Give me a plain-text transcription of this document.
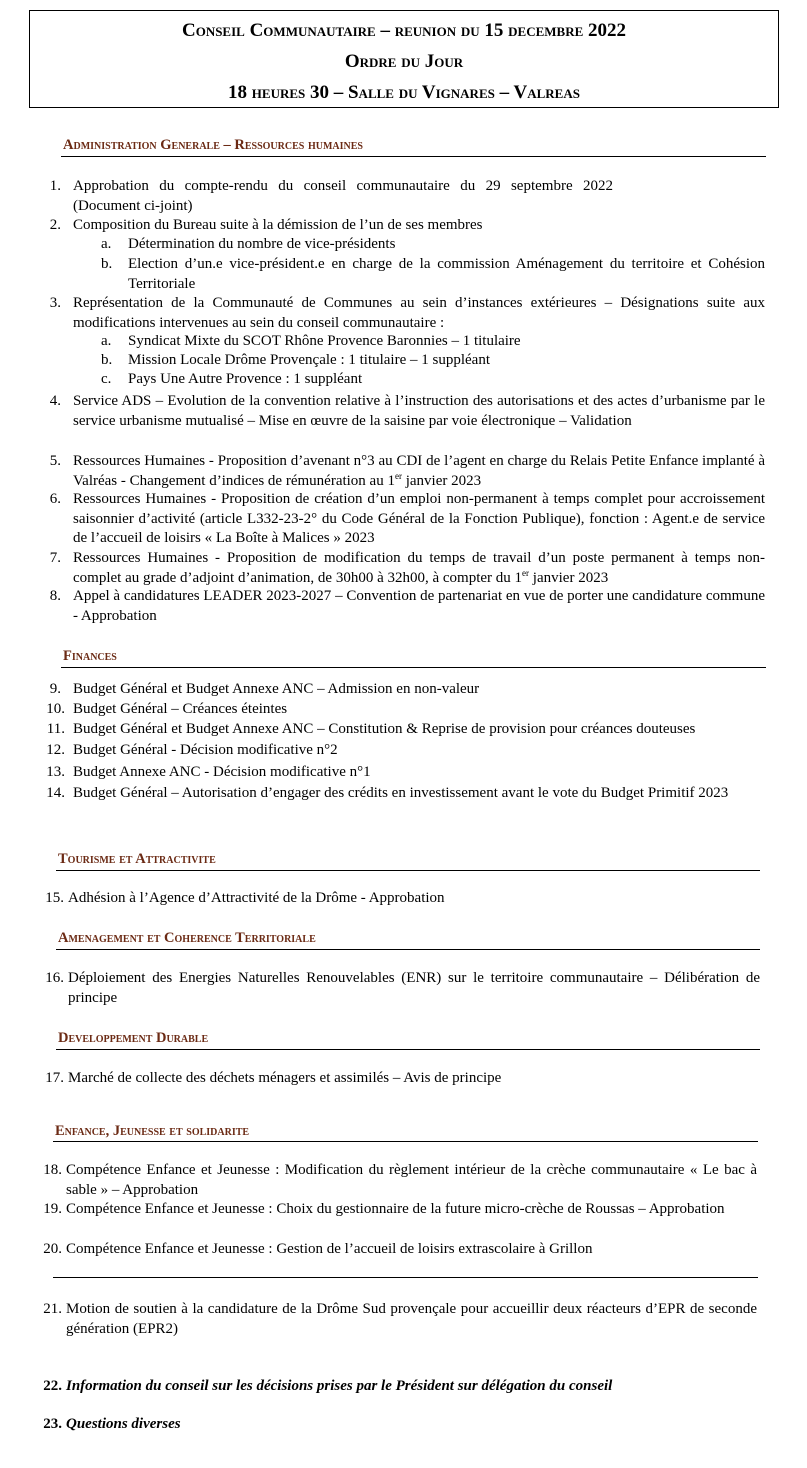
Conseil Communautaire – reunion du 15 decembre 2022
Ordre du Jour
18 heures 30 – Salle du Vignares – Valreas
Administration Generale – Ressources humaines
1. Approbation du compte-rendu du conseil communautaire du 29 septembre 2022 (Document ci-joint)
2. Composition du Bureau suite à la démission de l’un de ses membres
a.	Détermination du nombre de vice-présidents
b.	Election d’un.e vice-président.e en charge de la commission Aménagement du territoire et Cohésion Territoriale
3. Représentation de la Communauté de Communes au sein d’instances extérieures – Désignations suite aux modifications intervenues au sein du conseil communautaire :
a.	Syndicat Mixte du SCOT Rhône Provence Baronnies – 1 titulaire
b.	Mission Locale Drôme Provençale : 1 titulaire – 1 suppléant
c.	Pays Une Autre Provence : 1 suppléant
4. Service ADS – Evolution de la convention relative à l’instruction des autorisations et des actes d’urbanisme par le service urbanisme mutualisé – Mise en œuvre de la saisine par voie électronique – Validation
5. Ressources Humaines - Proposition d’avenant n°3 au CDI de l’agent en charge du Relais Petite Enfance implanté à Valréas - Changement d’indices de rémunération au 1er janvier 2023
6. Ressources Humaines - Proposition de création d’un emploi non-permanent à temps complet pour accroissement saisonnier d’activité (article L332-23-2° du Code Général de la Fonction Publique), fonction : Agent.e de service de l’accueil de loisirs « La Boîte à Malices » 2023
7. Ressources Humaines - Proposition de modification du temps de travail d’un poste permanent à temps non-complet au grade d’adjoint d’animation, de 30h00 à 32h00, à compter du 1er janvier 2023
8. Appel à candidatures LEADER 2023-2027 – Convention de partenariat en vue de porter une candidature commune - Approbation
Finances
9. Budget Général et Budget Annexe ANC – Admission en non-valeur
10. Budget Général – Créances éteintes
11. Budget Général et Budget Annexe ANC – Constitution & Reprise de provision pour créances douteuses
12. Budget Général - Décision modificative n°2
13. Budget Annexe ANC - Décision modificative n°1
14. Budget Général – Autorisation d’engager des crédits en investissement avant le vote du Budget Primitif 2023
Tourisme et Attractivite
15. Adhésion à l’Agence d’Attractivité de la Drôme - Approbation
Amenagement et Coherence Territoriale
16. Déploiement des Energies Naturelles Renouvelables (ENR) sur le territoire communautaire – Délibération de principe
Developpement Durable
17. Marché de collecte des déchets ménagers et assimilés – Avis de principe
Enfance, Jeunesse et solidarite
18. Compétence Enfance et Jeunesse : Modification du règlement intérieur de la crèche communautaire « Le bac à sable » – Approbation
19. Compétence Enfance et Jeunesse : Choix du gestionnaire de la future micro-crèche de Roussas – Approbation
20. Compétence Enfance et Jeunesse : Gestion de l’accueil de loisirs extrascolaire à Grillon
21. Motion de soutien à la candidature de la Drôme Sud provençale pour accueillir deux réacteurs d’EPR de seconde génération (EPR2)
22. Information du conseil sur les décisions prises par le Président sur délégation du conseil
23. Questions diverses
